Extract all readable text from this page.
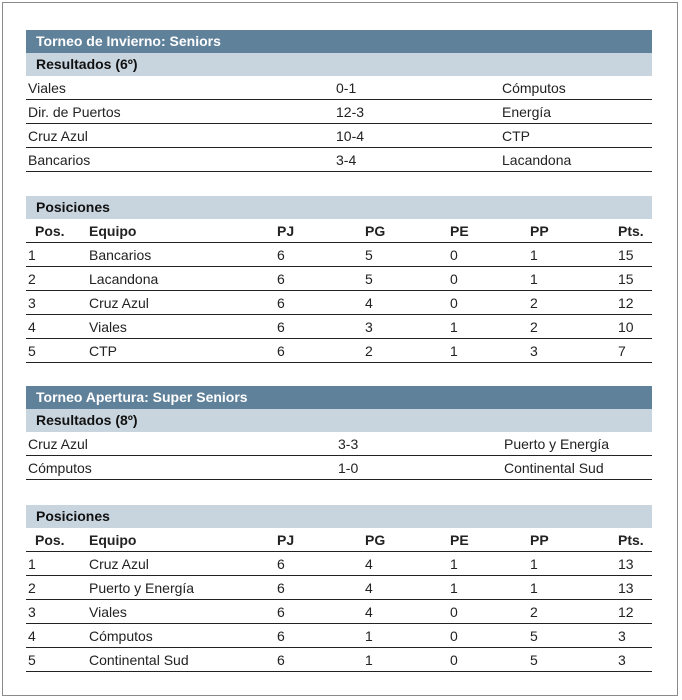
Torneo de Invierno: Seniors
Resultados (6º)
Viales	0-1	Cómputos
Dir. de Puertos	12-3	Energía
Cruz Azul	10-4	CTP
Bancarios	3-4	Lacandona
Posiciones
Pos. Equipo	PJ	PG	PE	PP	Pts.
1	Bancarios	6	5	0	1	15
2	Lacandona	6	5	0	1	15
3	Cruz Azul	6	4	0	2	12
4	Viales	6	3	1	2	10
5	CTP	6	2	1	3	7
Torneo Apertura: Super Seniors
Resultados (8º)
Cruz Azul	3-3	Puerto y Energía
Cómputos	1-0	Continental Sud
Posiciones
Pos. Equipo	PJ	PG	PE	PP	Pts.
1	Cruz Azul	6	4	1	1	13
2	Puerto y Energía	6	4	1	1	13
3	Viales	6	4	0	2	12
4	Cómputos	6	1	0	5	3
5	Continental Sud	6	1	0	5	3
